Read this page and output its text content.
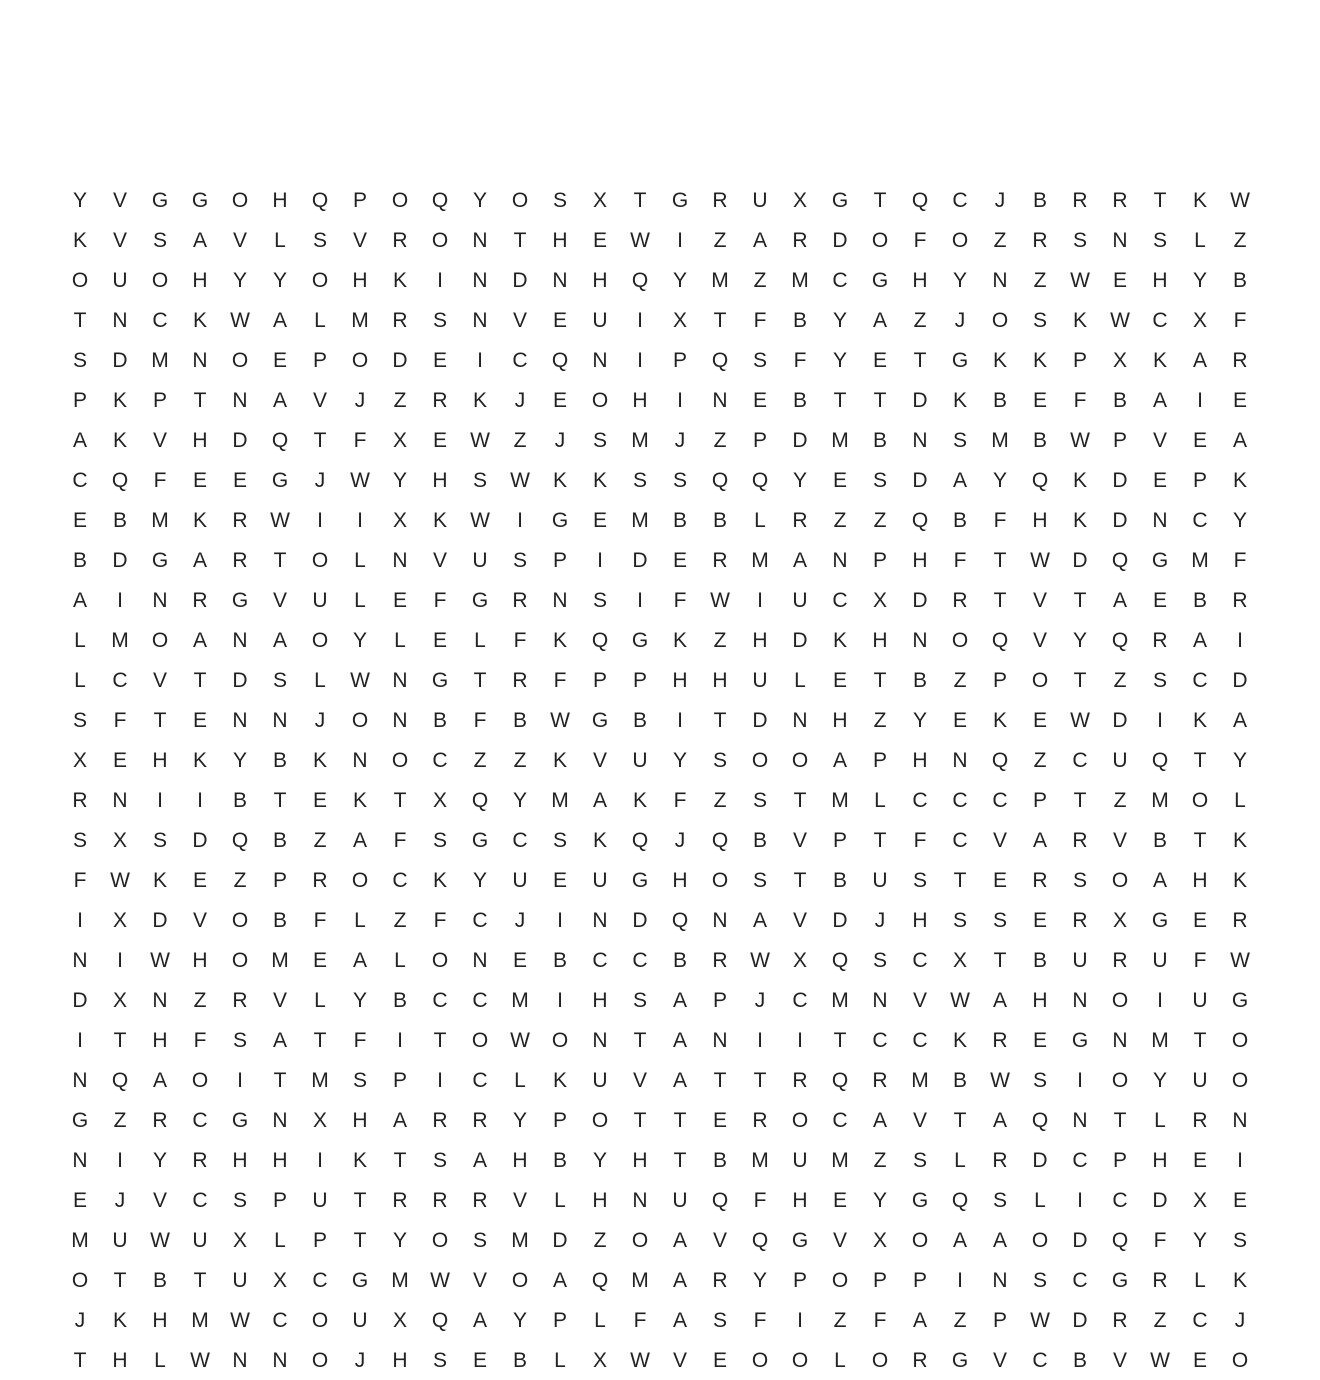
Y	V	G	G	O	H	Q	P	O	Q	Y	O	S	X	T	G	R	U	X	G	T	Q	C	J	B	R	R	T	K	W
K	V	S	A	V	L	S	V	R	O	N	T	H	E	W	I	Z	A	R	D	O	F	O	Z	R	S	N	S	L	Z
O	U	O	H	Y	Y	O	H	K	I	N	D	N	H	Q	Y	M	Z	M	C	G	H	Y	N	Z	W	E	H	Y	B
T	N	C	K	W	A	L	M	R	S	N	V	E	U	I	X	T	F	B	Y	A	Z	J	O	S	K	W	C	X	F
S	D	M	N	O	E	P	O	D	E	I	C	Q	N	I	P	Q	S	F	Y	E	T	G	K	K	P	X	K	A	R
P	K	P	T	N	A	V	J	Z	R	K	J	E	O	H	I	N	E	B	T	T	D	K	B	E	F	B	A	I	E
A	K	V	H	D	Q	T	F	X	E	W	Z	J	S	M	J	Z	P	D	M	B	N	S	M	B	W	P	V	E	A
C	Q	F	E	E	G	J	W	Y	H	S	W	K	K	S	S	Q	Q	Y	E	S	D	A	Y	Q	K	D	E	P	K
E	B	M	K	R	W	I	I	X	K	W	I	G	E	M	B	B	L	R	Z	Z	Q	B	F	H	K	D	N	C	Y
B	D	G	A	R	T	O	L	N	V	U	S	P	I	D	E	R	M	A	N	P	H	F	T	W	D	Q	G	M	F
A	I	N	R	G	V	U	L	E	F	G	R	N	S	I	F	W	I	U	C	X	D	R	T	V	T	A	E	B	R
L	M	O	A	N	A	O	Y	L	E	L	F	K	Q	G	K	Z	H	D	K	H	N	O	Q	V	Y	Q	R	A	I
L	C	V	T	D	S	L	W	N	G	T	R	F	P	P	H	H	U	L	E	T	B	Z	P	O	T	Z	S	C	D
S	F	T	E	N	N	J	O	N	B	F	B	W	G	B	I	T	D	N	H	Z	Y	E	K	E	W	D	I	K	A
X	E	H	K	Y	B	K	N	O	C	Z	Z	K	V	U	Y	S	O	O	A	P	H	N	Q	Z	C	U	Q	T	Y
R	N	I	I	B	T	E	K	T	X	Q	Y	M	A	K	F	Z	S	T	M	L	C	C	C	P	T	Z	M	O	L
S	X	S	D	Q	B	Z	A	F	S	G	C	S	K	Q	J	Q	B	V	P	T	F	C	V	A	R	V	B	T	K
F	W	K	E	Z	P	R	O	C	K	Y	U	E	U	G	H	O	S	T	B	U	S	T	E	R	S	O	A	H	K
I	X	D	V	O	B	F	L	Z	F	C	J	I	N	D	Q	N	A	V	D	J	H	S	S	E	R	X	G	E	R
N	I	W	H	O	M	E	A	L	O	N	E	B	C	C	B	R	W	X	Q	S	C	X	T	B	U	R	U	F	W
D	X	N	Z	R	V	L	Y	B	C	C	M	I	H	S	A	P	J	C	M	N	V	W	A	H	N	O	I	U	G
I	T	H	F	S	A	T	F	I	T	O	W	O	N	T	A	N	I	I	T	C	C	K	R	E	G	N	M	T	O
N	Q	A	O	I	T	M	S	P	I	C	L	K	U	V	A	T	T	R	Q	R	M	B	W	S	I	O	Y	U	O
G	Z	R	C	G	N	X	H	A	R	R	Y	P	O	T	T	E	R	O	C	A	V	T	A	Q	N	T	L	R	N
N	I	Y	R	H	H	I	K	T	S	A	H	B	Y	H	T	B	M	U	M	Z	S	L	R	D	C	P	H	E	I
E	J	V	C	S	P	U	T	R	R	R	V	L	H	N	U	Q	F	H	E	Y	G	Q	S	L	I	C	D	X	E
M	U	W	U	X	L	P	T	Y	O	S	M	D	Z	O	A	V	Q	G	V	X	O	A	A	O	D	Q	F	Y	S
O	T	B	T	U	X	C	G	M	W	V	O	A	Q	M	A	R	Y	P	O	P	P	I	N	S	C	G	R	L	K
J	K	H	M	W	C	O	U	X	Q	A	Y	P	L	F	A	S	F	I	Z	F	A	Z	P	W	D	R	Z	C	J
T	H	L	W	N	N	O	J	H	S	E	B	L	X	W	V	E	O	O	L	O	R	G	V	C	B	V	W	E	O
